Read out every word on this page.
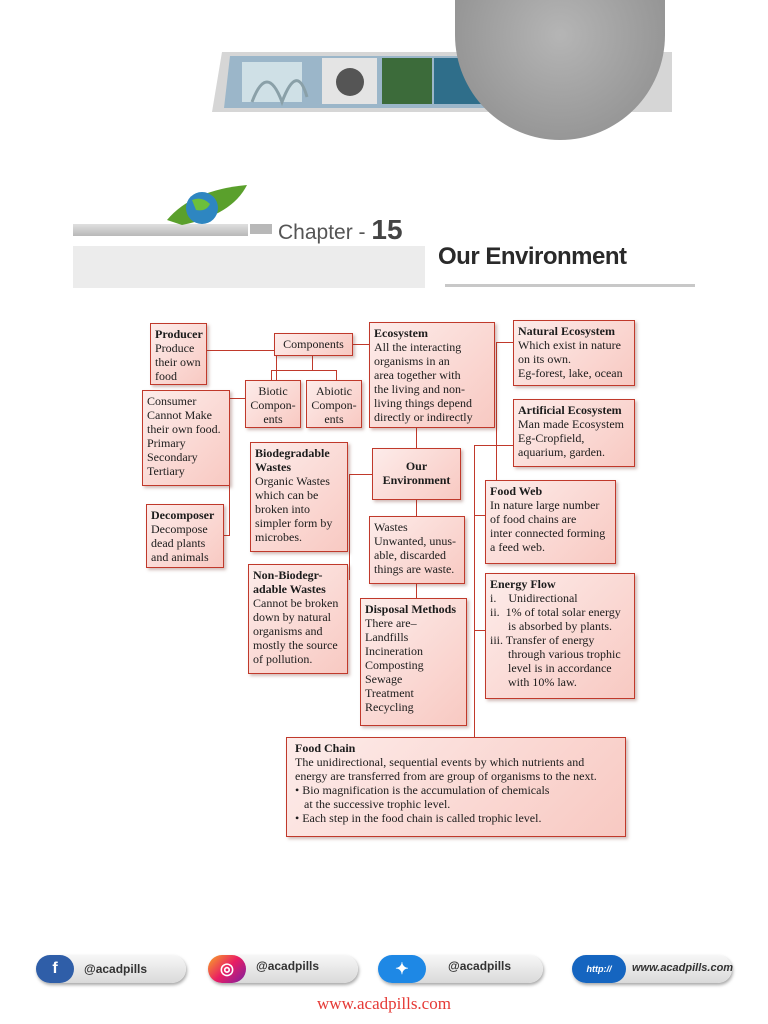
Chapter - 15
Our Environment
Producer
Produce
their own
food
Components
Biotic
Compon-
ents
Abiotic
Compon-
ents
Consumer
Cannot Make
their own food.
Primary
Secondary
Tertiary
Decomposer
Decompose
dead plants
and animals
Ecosystem
All the interacting
organisms in an
area together with
the living and non-
living things depend
directly or indirectly
Natural Ecosystem
Which exist in nature
on its own.
Eg-forest, lake, ocean
Artificial Ecosystem
Man made Ecosystem
Eg-Cropfield,
aquarium, garden.
Our
Environment
Biodegradable
Wastes
Organic Wastes
which can be
broken into
simpler form by
microbes.
Wastes
Unwanted, unus-
able, discarded
things are waste.
Food Web
In nature large number
of food chains are
inter connected forming
a feed web.
Non-Biodegr-
adable Wastes
Cannot be broken
down by natural
organisms and
mostly the source
of pollution.
Disposal Methods
There are–
Landfills
Incineration
Composting
Sewage
Treatment
Recycling
Energy Flow
i.    Unidirectional
ii.  1% of total solar energy
is absorbed by plants.
iii. Transfer of energy
through various trophic
level is in accordance
with 10% law.
Food Chain
The unidirectional, sequential events by which nutrients and
energy are transferred from are group of organisms to the next.
• Bio magnification is the accumulation of chemicals
at the successive trophic level.
• Each step in the food chain is called trophic level.
f	@acadpills	◎	@acadpills	✦	@acadpills	http://	www.acadpills.com
www.acadpills.com
